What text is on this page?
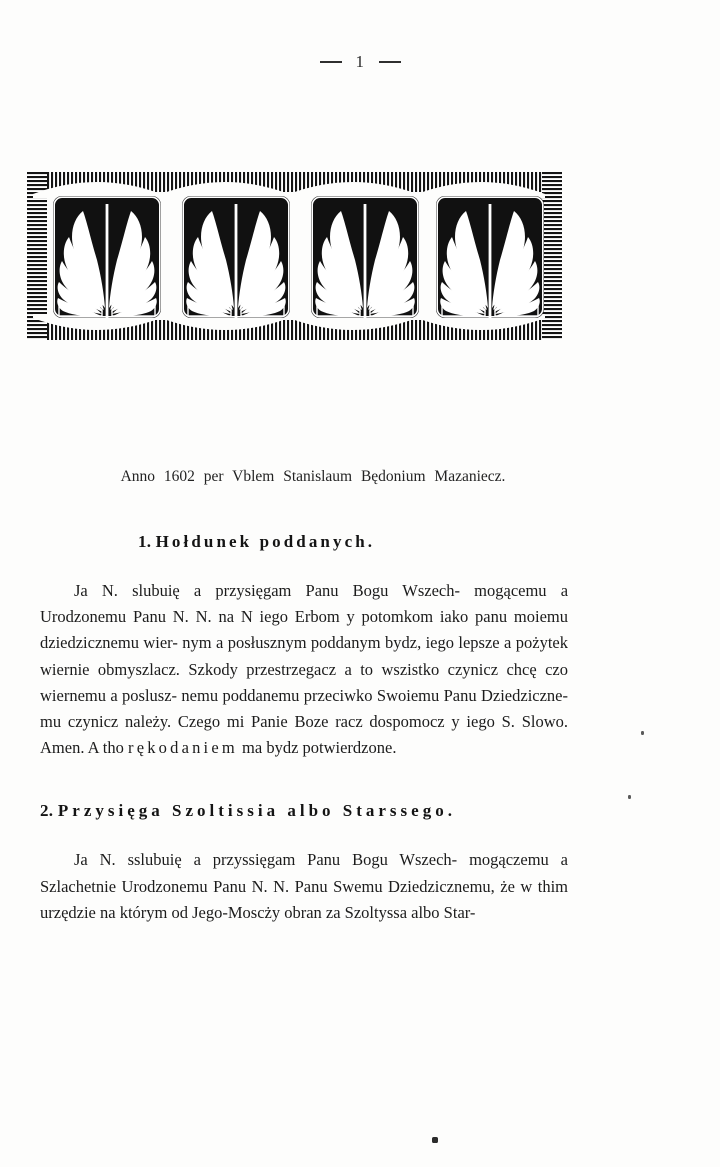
1
Anno 1602 per Vblem Stanislaum Będonium Mazaniecz.
1. Hołdunek poddanych.

Ja N. slubuię a przysięgam Panu Bogu Wszech- mogącemu a Urodzonemu Panu N. N. na N iego Erbom y potomkom iako panu moiemu dziedzicznemu wier- nym a posłusznym poddanym bydz, iego lepsze a pożytek wiernie obmyszlacz. Szkody przestrzegacz a to wszistko czynicz chcę czo wiernemu a poslusz- nemu poddanemu przeciwko Swoiemu Panu Dziedziczne- mu czynicz należy. Czego mi Panie Boze racz dospomocz y iego S. Slowo. Amen. A tho rękodaniem ma bydz potwierdzone.

2. Przysięga Szoltissia albo Starssego.

Ja N. sslubuię a przyssięgam Panu Bogu Wszech- mogączemu a Szlachetnie Urodzonemu Panu N. N. Panu Swemu Dziedzicznemu, że w thim urzędzie na którym od Jego-Moscży obran za Szoltyssa albo Star-
